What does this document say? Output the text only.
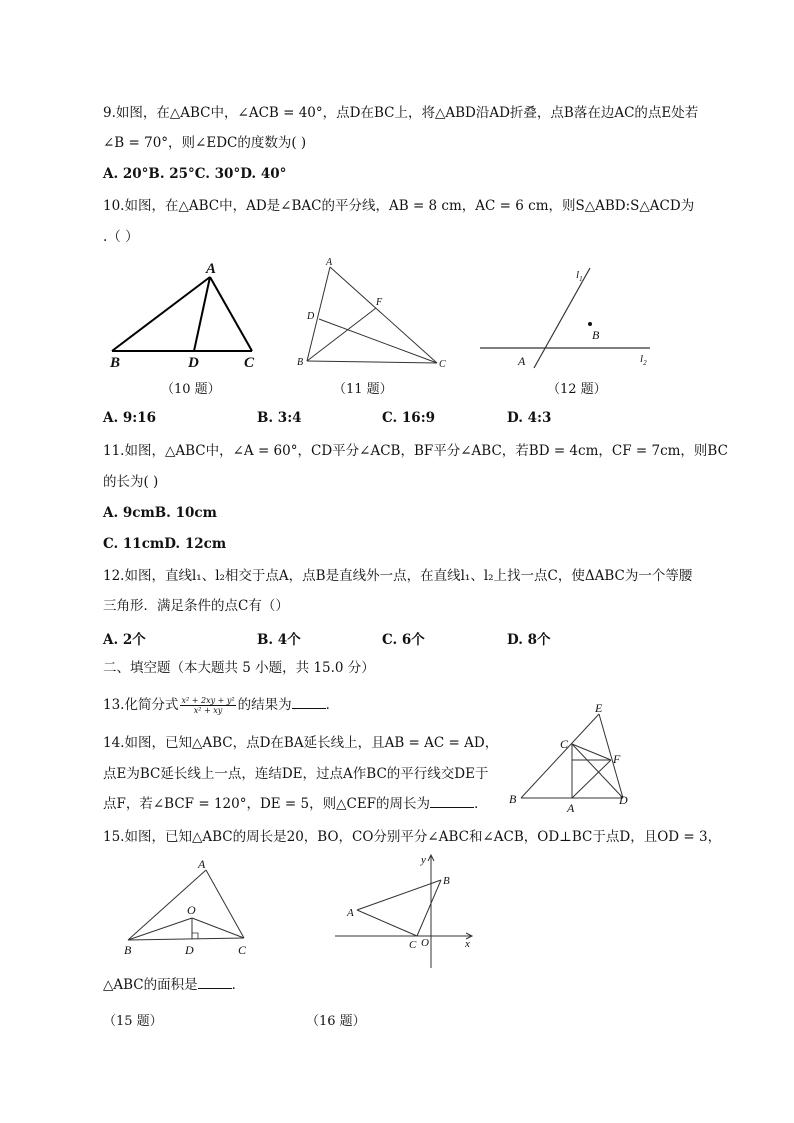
9.如图，在△ABC中，∠ACB = 40°，点D在BC上，将△ABD沿AD折叠，点B落在边AC的点E处若
∠B = 70°，则∠EDC的度数为( )
A. 20°B. 25°C. 30°D. 40°
10.如图，在△ABC中，AD是∠BAC的平分线，AB = 8 cm，AC = 6 cm，则S△ABD:S△ACD为
.（ ）
A
B	D	C
（10 题）
A
B	C
D
F
（11 题）
$l_1$
$l_2$
A
B
（12 题）
A. 9:16	B. 3:4	C. 16:9	D. 4:3
11.如图，△ABC中，∠A = 60°，CD平分∠ACB，BF平分∠ABC，若BD = 4cm，CF = 7cm，则BC
的长为( )
A. 9cmB. 10cm
C. 11cmD. 12cm
12.如图，直线l₁、l₂相交于点A，点B是直线外一点，在直线l₁、l₂上找一点C，使ΔABC为一个等腰
三角形．满足条件的点C有（）
A. 2个	B. 4个	C. 6个	D. 8个
二、填空题（本大题共 5 小题，共 15.0 分）
13.化简分式 $\frac{\text{x² + 2xy + y²}}{\text{x² + xy}}$ 的结果为	．
14.如图，已知△ABC，点D在BA延长线上，且AB = AC = AD，
点E为BC延长线上一点，连结DE，过点A作BC的平行线交DE于
点F，若∠BCF = 120°，DE = 5，则△CEF的周长为	．
E
C
F
B
A
D
15.如图，已知△ABC的周长是20，BO，CO分别平分∠ABC和∠ACB，OD⊥BC于点D，且OD = 3，
A
O
B	D	C
y
x
A
B
C O
△ABC的面积是	．
（15 题）	（16 题）
